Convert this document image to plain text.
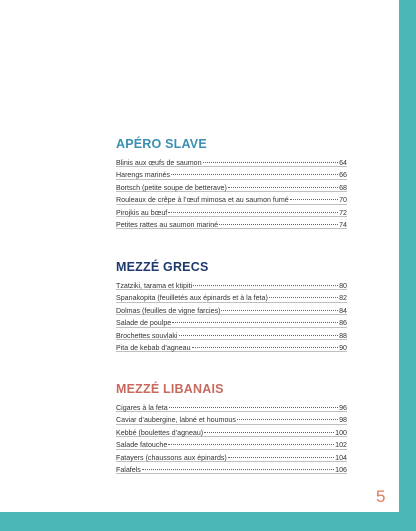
APÉRO SLAVE
Blinis aux œufs de saumon	64
Harengs marinés	66
Bortsch (petite soupe de betterave)	68
Rouleaux de crêpe à l’œuf mimosa et au saumon fumé	70
Pirojkis au bœuf	72
Petites rattes au saumon mariné	74
MEZZÉ GRECS
Tzatziki, tarama et ktipiti	80
Spanakopita (feuilletés aux épinards et à la feta)	82
Dolmas (feuilles de vigne farcies)	84
Salade de poulpe	86
Brochettes souvlaki	88
Pita de kebab d’agneau	90
MEZZÉ LIBANAIS
Cigares à la feta	96
Caviar d’aubergine, labné et houmous	98
Kebbé (boulettes d’agneau)	100
Salade fatouche	102
Fatayers (chaussons aux épinards)	104
Falafels	106
5
